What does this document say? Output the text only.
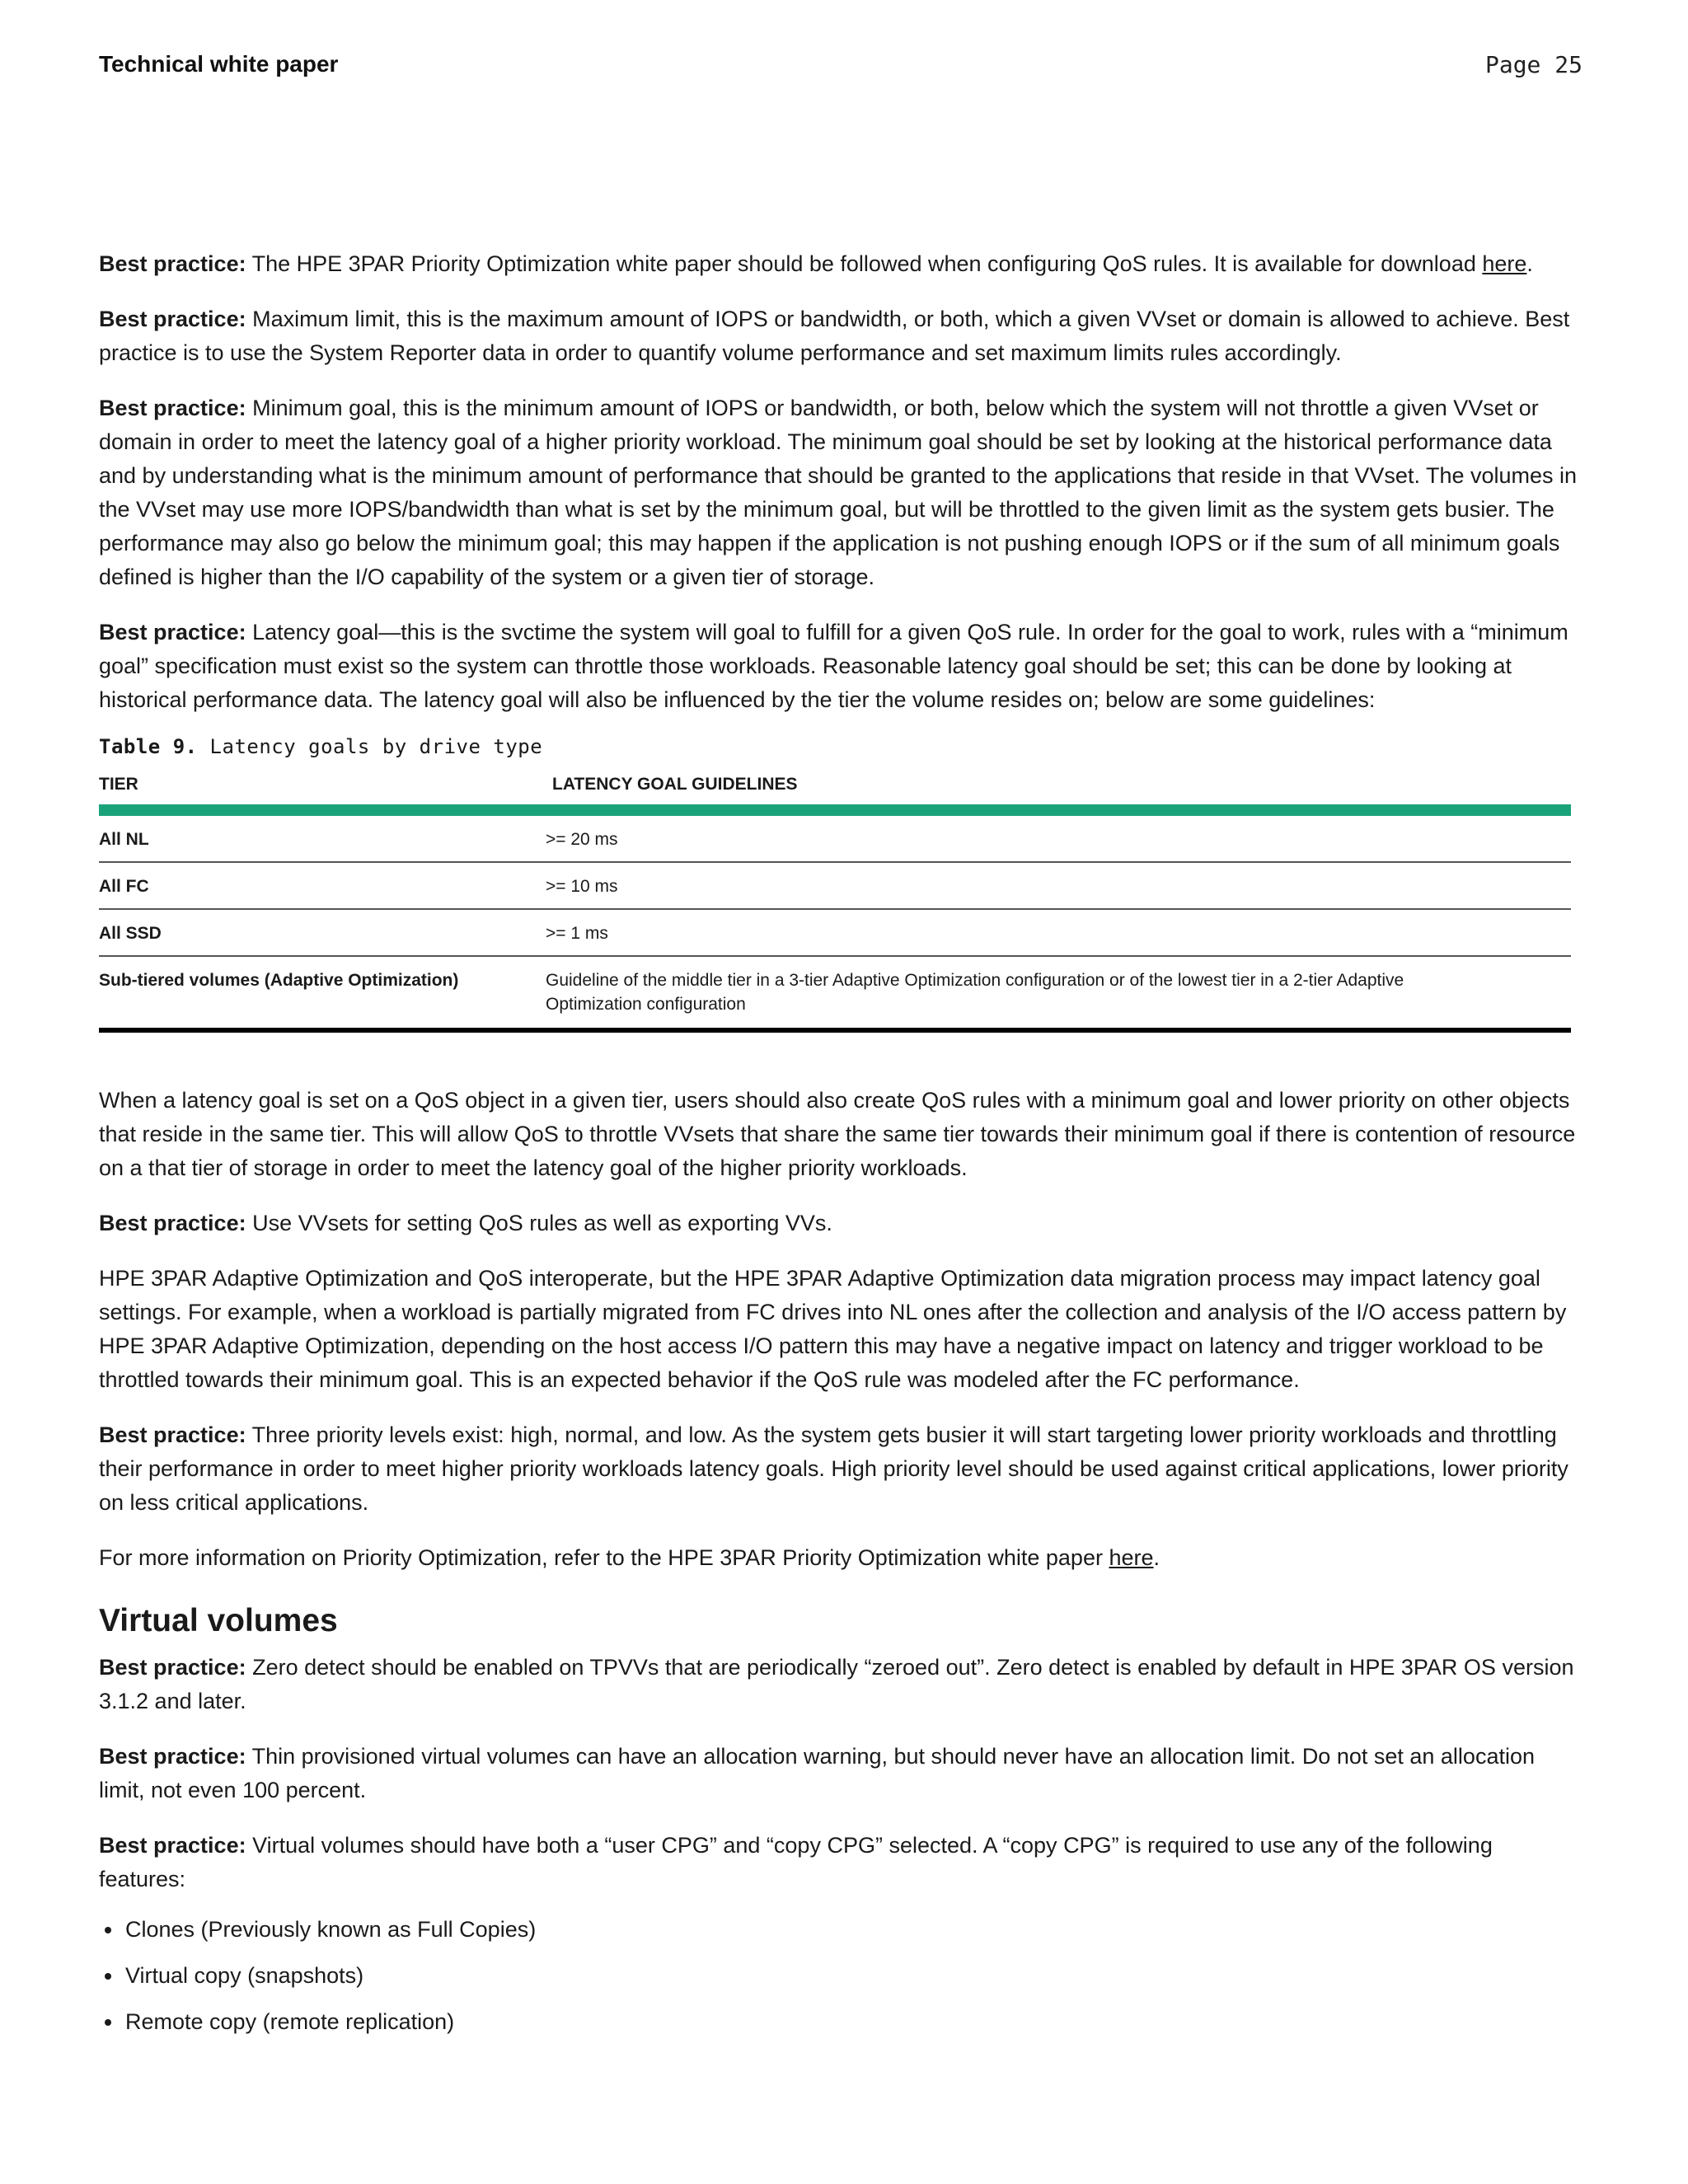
Technical white paper	Page 25

Best practice: The HPE 3PAR Priority Optimization white paper should be followed when configuring QoS rules. It is available for download here.

Best practice: Maximum limit, this is the maximum amount of IOPS or bandwidth, or both, which a given VVset or domain is allowed to achieve. Best practice is to use the System Reporter data in order to quantify volume performance and set maximum limits rules accordingly.

Best practice: Minimum goal, this is the minimum amount of IOPS or bandwidth, or both, below which the system will not throttle a given VVset or domain in order to meet the latency goal of a higher priority workload. The minimum goal should be set by looking at the historical performance data and by understanding what is the minimum amount of performance that should be granted to the applications that reside in that VVset. The volumes in the VVset may use more IOPS/bandwidth than what is set by the minimum goal, but will be throttled to the given limit as the system gets busier. The performance may also go below the minimum goal; this may happen if the application is not pushing enough IOPS or if the sum of all minimum goals defined is higher than the I/O capability of the system or a given tier of storage.

Best practice: Latency goal—this is the svctime the system will goal to fulfill for a given QoS rule. In order for the goal to work, rules with a “minimum goal” specification must exist so the system can throttle those workloads. Reasonable latency goal should be set; this can be done by looking at historical performance data. The latency goal will also be influenced by the tier the volume resides on; below are some guidelines:

Table 9. Latency goals by drive type
TIER	LATENCY GOAL GUIDELINES
All NL	>= 20 ms
All FC	>= 10 ms
All SSD	>= 1 ms
Sub-tiered volumes (Adaptive Optimization)	Guideline of the middle tier in a 3-tier Adaptive Optimization configuration or of the lowest tier in a 2-tier Adaptive Optimization configuration

When a latency goal is set on a QoS object in a given tier, users should also create QoS rules with a minimum goal and lower priority on other objects that reside in the same tier. This will allow QoS to throttle VVsets that share the same tier towards their minimum goal if there is contention of resource on a that tier of storage in order to meet the latency goal of the higher priority workloads.

Best practice: Use VVsets for setting QoS rules as well as exporting VVs.

HPE 3PAR Adaptive Optimization and QoS interoperate, but the HPE 3PAR Adaptive Optimization data migration process may impact latency goal settings. For example, when a workload is partially migrated from FC drives into NL ones after the collection and analysis of the I/O access pattern by HPE 3PAR Adaptive Optimization, depending on the host access I/O pattern this may have a negative impact on latency and trigger workload to be throttled towards their minimum goal. This is an expected behavior if the QoS rule was modeled after the FC performance.

Best practice: Three priority levels exist: high, normal, and low. As the system gets busier it will start targeting lower priority workloads and throttling their performance in order to meet higher priority workloads latency goals. High priority level should be used against critical applications, lower priority on less critical applications.

For more information on Priority Optimization, refer to the HPE 3PAR Priority Optimization white paper here.

Virtual volumes

Best practice: Zero detect should be enabled on TPVVs that are periodically “zeroed out”. Zero detect is enabled by default in HPE 3PAR OS version 3.1.2 and later.

Best practice: Thin provisioned virtual volumes can have an allocation warning, but should never have an allocation limit. Do not set an allocation limit, not even 100 percent.

Best practice: Virtual volumes should have both a “user CPG” and “copy CPG” selected. A “copy CPG” is required to use any of the following features:

• Clones (Previously known as Full Copies)
• Virtual copy (snapshots)
• Remote copy (remote replication)
